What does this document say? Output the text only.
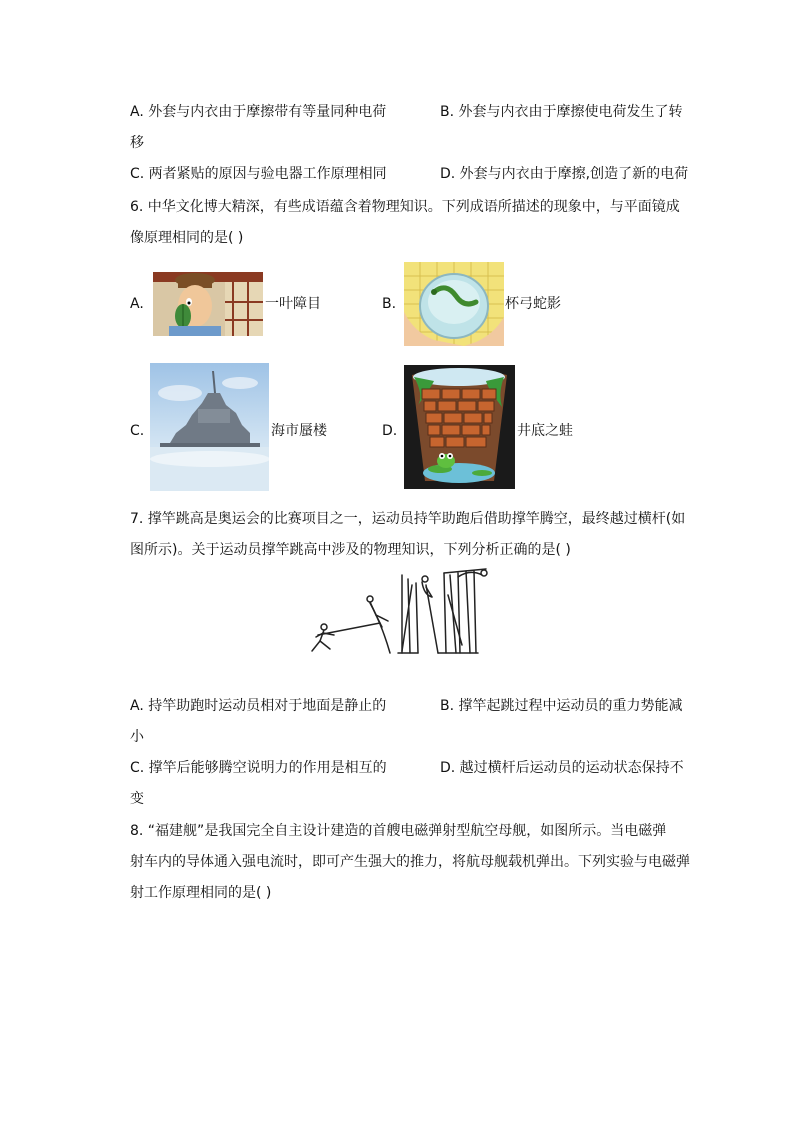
A. 外套与内衣由于摩擦带有等量同种电荷	B. 外套与内衣由于摩擦使电荷发生了转
移
C. 两者紧贴的原因与验电器工作原理相同	D. 外套与内衣由于摩擦,创造了新的电荷
6. 中华文化博大精深，有些成语蕴含着物理知识。下列成语所描述的现象中，与平面镜成
像原理相同的是( )
A.	一叶障目	B.	杯弓蛇影
C.	海市蜃楼	D.	井底之蛙
7. 撑竿跳高是奥运会的比赛项目之一，运动员持竿助跑后借助撑竿腾空，最终越过横杆(如
图所示)。关于运动员撑竿跳高中涉及的物理知识，下列分析正确的是( )
A. 持竿助跑时运动员相对于地面是静止的	B. 撑竿起跳过程中运动员的重力势能减
小
C. 撑竿后能够腾空说明力的作用是相互的	D. 越过横杆后运动员的运动状态保持不
变
8. “福建舰”是我国完全自主设计建造的首艘电磁弹射型航空母舰，如图所示。当电磁弹
射车内的导体通入强电流时，即可产生强大的推力，将航母舰载机弹出。下列实验与电磁弹
射工作原理相同的是( )
